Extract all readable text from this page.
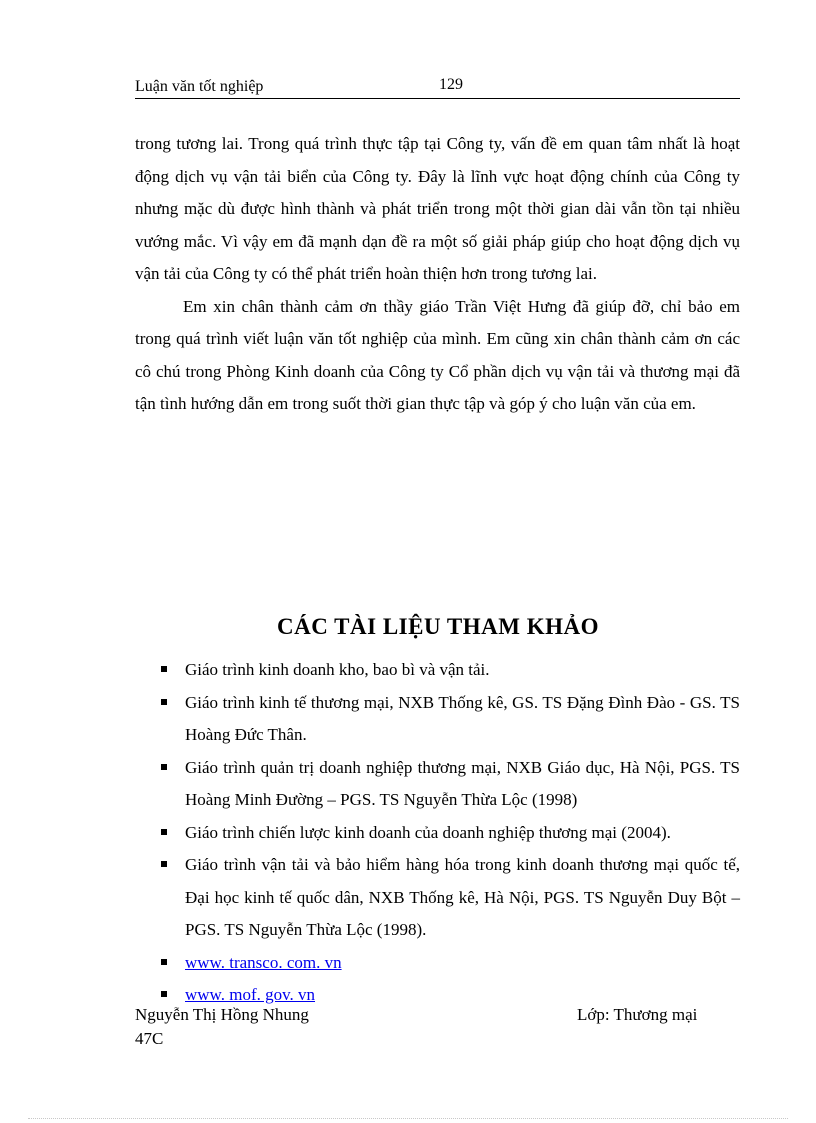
Luận văn tốt nghiệp	129

trong tương lai. Trong quá trình thực tập tại Công ty, vấn đề em quan tâm nhất là hoạt động dịch vụ vận tải biển của Công ty. Đây là lĩnh vực hoạt động chính của Công ty nhưng mặc dù được hình thành và phát triển trong một thời gian dài vẫn tồn tại nhiều vướng mắc. Vì vậy em đã mạnh dạn đề ra một số giải pháp giúp cho hoạt động dịch vụ vận tải của Công ty có thể phát triển hoàn thiện hơn trong tương lai.

Em xin chân thành cảm ơn thầy giáo Trần Việt Hưng đã giúp đỡ, chỉ bảo em trong quá trình viết luận văn tốt nghiệp của mình. Em cũng xin chân thành cảm ơn các cô chú trong Phòng Kinh doanh của Công ty Cổ phần dịch vụ vận tải và thương mại đã tận tình hướng dẫn em trong suốt thời gian thực tập và góp ý cho luận văn của em.

CÁC TÀI LIỆU THAM KHẢO
Giáo trình kinh doanh kho, bao bì và vận tải.
Giáo trình kinh tế thương mại, NXB Thống kê, GS. TS Đặng Đình Đào - GS. TS Hoàng Đức Thân.
Giáo trình quản trị doanh nghiệp thương mại, NXB Giáo dục, Hà Nội, PGS. TS Hoàng Minh Đường – PGS. TS Nguyễn Thừa Lộc (1998)
Giáo trình chiến lược kinh doanh của doanh nghiệp thương mại (2004).
Giáo trình vận tải và bảo hiểm hàng hóa trong kinh doanh thương mại quốc tế, Đại học kinh tế quốc dân, NXB Thống kê, Hà Nội, PGS. TS Nguyễn Duy Bột – PGS. TS Nguyễn Thừa Lộc (1998).
www. transco. com. vn
www. mof. gov. vn
Nguyễn Thị Hồng Nhung	Lớp: Thương mại
47C
